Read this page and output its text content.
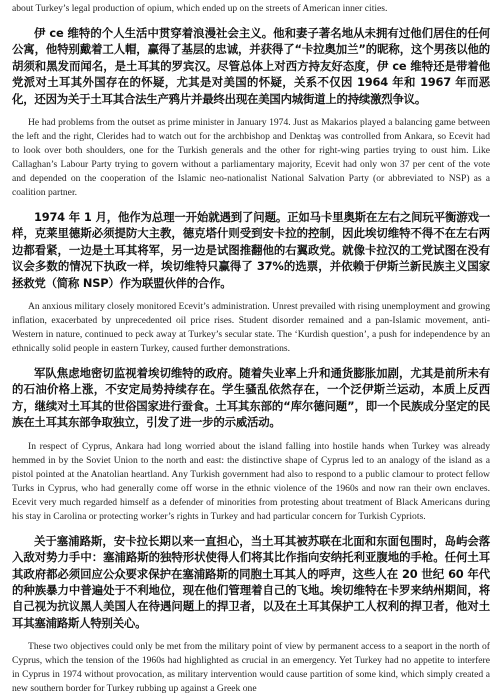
about Turkey’s legal production of opium, which ended up on the streets of American inner cities.

伊 ce 维特的个人生活中贯穿着浪漫社会主义。他和妻子著名地从未拥有过他们居住的任何公寓，他特别戴着工人帽，赢得了基层的忠诚，并获得了“卡拉奥加兰”的昵称，这个男孩以他的胡须和黑发而闻名，是土耳其的罗宾汉。尽管总体上对西方持友好态度，伊 ce 维特还是带着他党派对土耳其外国存在的怀疑，尤其是对美国的怀疑，关系不仅因 1964 年和 1967 年而恶化，还因为关于土耳其合法生产鸦片并最终出现在美国内城街道上的持续激烈争议。

He had problems from the outset as prime minister in January 1974. Just as Makarios played a balancing game between the left and the right, Clerides had to watch out for the archbishop and Denktaş was controlled from Ankara, so Ecevit had to look over both shoulders, one for the Turkish generals and the other for right-wing parties trying to oust him. Like Callaghan’s Labour Party trying to govern without a parliamentary majority, Ecevit had only won 37 per cent of the vote and depended on the cooperation of the Islamic neo-nationalist National Salvation Party (or abbreviated to NSP) as a coalition partner.

1974 年 1 月，他作为总理一开始就遇到了问题。正如马卡里奥斯在左右之间玩平衡游戏一样，克莱里德斯必须提防大主教，德克塔什则受到安卡拉的控制，因此埃切维特不得不在左右两边都看紧，一边是土耳其将军，另一边是试图推翻他的右翼政党。就像卡拉汉的工党试图在没有议会多数的情况下执政一样，埃切维特只赢得了 37%的选票，并依赖于伊斯兰新民族主义国家拯救党（简称 NSP）作为联盟伙伴的合作。

An anxious military closely monitored Ecevit’s administration. Unrest prevailed with rising unemployment and growing inflation, exacerbated by unprecedented oil price rises. Student disorder remained and a pan-Islamic movement, anti-Western in nature, continued to peck away at Turkey’s secular state. The ‘Kurdish question’, a push for independence by an ethnically solid people in eastern Turkey, caused further demonstrations.

军队焦虑地密切监视着埃切维特的政府。随着失业率上升和通货膨胀加剧，尤其是前所未有的石油价格上涨，不安定局势持续存在。学生骚乱依然存在，一个泛伊斯兰运动，本质上反西方，继续对土耳其的世俗国家进行蚕食。土耳其东部的“库尔德问题”，即一个民族成分坚定的民族在土耳其东部争取独立，引发了进一步的示威活动。

In respect of Cyprus, Ankara had long worried about the island falling into hostile hands when Turkey was already hemmed in by the Soviet Union to the north and east: the distinctive shape of Cyprus led to an analogy of the island as a pistol pointed at the Anatolian heartland. Any Turkish government had also to respond to a public clamour to protect fellow Turks in Cyprus, who had generally come off worse in the ethnic violence of the 1960s and now ran their own enclaves. Ecevit very much regarded himself as a defender of minorities from protesting about treatment of Black Americans during his stay in Carolina or protecting worker’s rights in Turkey and had particular concern for Turkish Cypriots.

关于塞浦路斯，安卡拉长期以来一直担心，当土耳其被苏联在北面和东面包围时，岛屿会落入敌对势力手中：塞浦路斯的独特形状使得人们将其比作指向安纳托利亚腹地的手枪。任何土耳其政府都必须回应公众要求保护在塞浦路斯的同胞土耳其人的呼声，这些人在 20 世纪 60 年代的种族暴力中普遍处于不利地位，现在他们管理着自己的飞地。埃切维特在卡罗来纳州期间，将自己视为抗议黑人美国人在待遇问题上的捍卫者，以及在土耳其保护工人权利的捍卫者，他对土耳其塞浦路斯人特别关心。

These two objectives could only be met from the military point of view by permanent access to a seaport in the north of Cyprus, which the tension of the 1960s had highlighted as crucial in an emergency. Yet Turkey had no appetite to interfere in Cyprus in 1974 without provocation, as military intervention would cause partition of some kind, which simply created a new southern border for Turkey rubbing up against a Greek one
